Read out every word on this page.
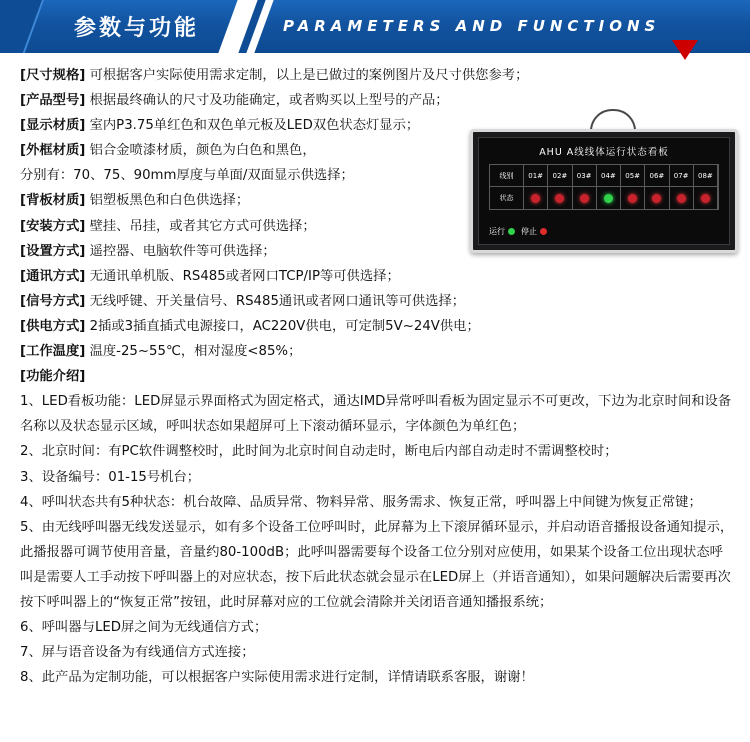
参数与功能	PARAMETERS AND FUNCTIONS
AHU A线线体运行状态看板
线别	01#	02#	03#	04#	05#	06#	07#	08#
状态
运行 停止
[尺寸规格] 可根据客户实际使用需求定制，以上是已做过的案例图片及尺寸供您参考；
[产品型号] 根据最终确认的尺寸及功能确定，或者购买以上型号的产品；
[显示材质] 室内P3.75单红色和双色单元板及LED双色状态灯显示；
[外框材质] 铝合金喷漆材质，颜色为白色和黑色，
分别有：70、75、90mm厚度与单面/双面显示供选择；
[背板材质] 铝塑板黑色和白色供选择；
[安装方式] 壁挂、吊挂，或者其它方式可供选择；
[设置方式] 遥控器、电脑软件等可供选择；
[通讯方式] 无通讯单机版、RS485或者网口TCP/IP等可供选择；
[信号方式] 无线呼键、开关量信号、RS485通讯或者网口通讯等可供选择；
[供电方式] 2插或3插直插式电源接口，AC220V供电，可定制5V~24V供电；
[工作温度] 温度-25~55℃，相对湿度<85%；
[功能介绍]
1、LED看板功能：LED屏显示界面格式为固定格式，通达IMD异常呼叫看板为固定显示不可更改，下边为北京时间和设备名称以及状态显示区域，呼叫状态如果超屏可上下滚动循环显示，字体颜色为单红色；
2、北京时间：有PC软件调整校时，此时间为北京时间自动走时，断电后内部自动走时不需调整校时；
3、设备编号：01-15号机台；
4、呼叫状态共有5种状态：机台故障、品质异常、物料异常、服务需求、恢复正常，呼叫器上中间键为恢复正常键；
5、由无线呼叫器无线发送显示，如有多个设备工位呼叫时，此屏幕为上下滚屏循环显示，并启动语音播报设备通知提示，此播报器可调节使用音量，音量约80-100dB；此呼叫器需要每个设备工位分别对应使用，如果某个设备工位出现状态呼叫是需要人工手动按下呼叫器上的对应状态，按下后此状态就会显示在LED屏上（并语音通知），如果问题解决后需要再次按下呼叫器上的“恢复正常”按钮，此时屏幕对应的工位就会清除并关闭语音通知播报系统；
6、呼叫器与LED屏之间为无线通信方式；
7、屏与语音设备为有线通信方式连接；
8、此产品为定制功能，可以根据客户实际使用需求进行定制，详情请联系客服，谢谢！
